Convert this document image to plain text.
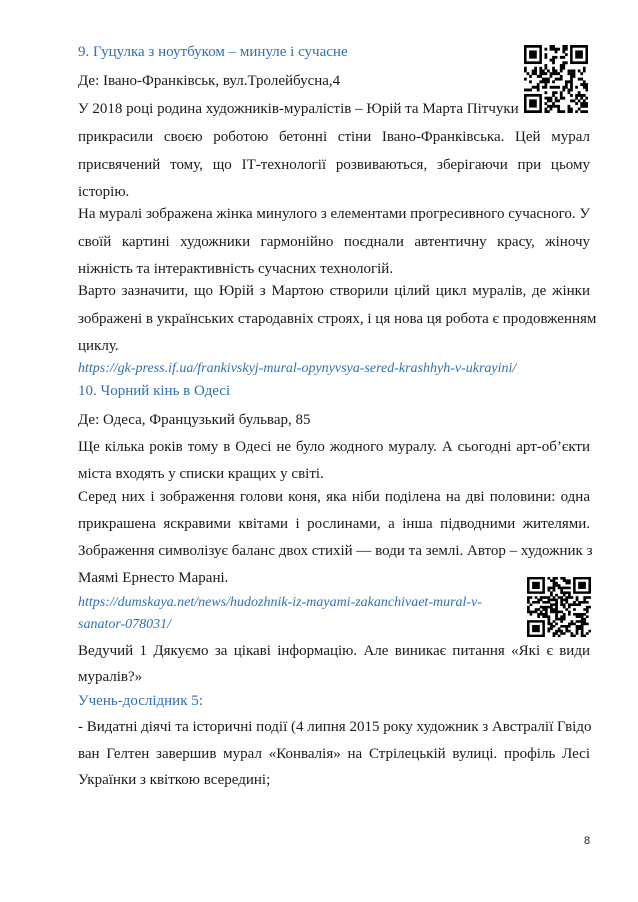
9. Гуцулка з ноутбуком – минуле і сучасне
Де: Івано-Франківськ, вул.Тролейбусна,4
У 2018 році родина художників-муралістів – Юрій та Марта Пітчуки
прикрасили своєю роботою бетонні стіни Івано-Франківська. Цей мурал
присвячений тому, що ІТ-технології розвиваються, зберігаючи при цьому
історію.
На муралі зображена жінка минулого з елементами прогресивного сучасного. У
своїй картині художники гармонійно поєднали автентичну красу, жіночу
ніжність та інтерактивність сучасних технологій.
Варто зазначити, що Юрій з Мартою створили цілий цикл муралів, де жінки
зображені в українських стародавніх строях, і ця нова ця робота є продовженням
циклу.
https://gk-press.if.ua/frankivskyj-mural-opynyvsya-sered-krashhyh-v-ukrayini/
10. Чорний кінь в Одесі
Де: Одеса, Французький бульвар, 85
Ще кілька років тому в Одесі не було жодного муралу. А сьогодні арт-об’єкти
міста входять у списки кращих у світі.
Серед них і зображення голови коня, яка ніби поділена на дві половини: одна
прикрашена яскравими квітами і рослинами, а інша підводними жителями.
Зображення символізує баланс двох стихій — води та землі. Автор – художник з
Маямі Ернесто Марані.
https://dumskaya.net/news/hudozhnik-iz-mayami-zakanchivaet-mural-v-
sanator-078031/
Ведучий 1 Дякуємо за цікаві інформацію. Але виникає питання «Які є види
муралів?»
Учень-дослідник 5:
- Видатні діячі та історичні події (4 липня 2015 року художник з Австралії Гвідо
ван Гелтен завершив мурал «Конвалія» на Стрілецькій вулиці. профіль Лесі
Українки з квіткою всередині;
8
